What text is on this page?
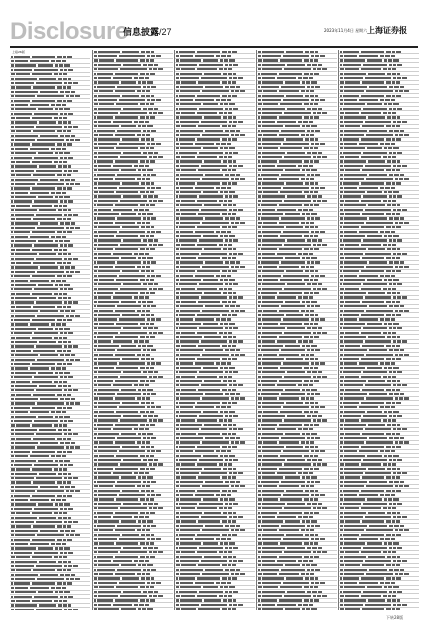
Disclosure
信息披露/27	2023年11月4日 星期六 上海证券报
上接26版
下转28版
